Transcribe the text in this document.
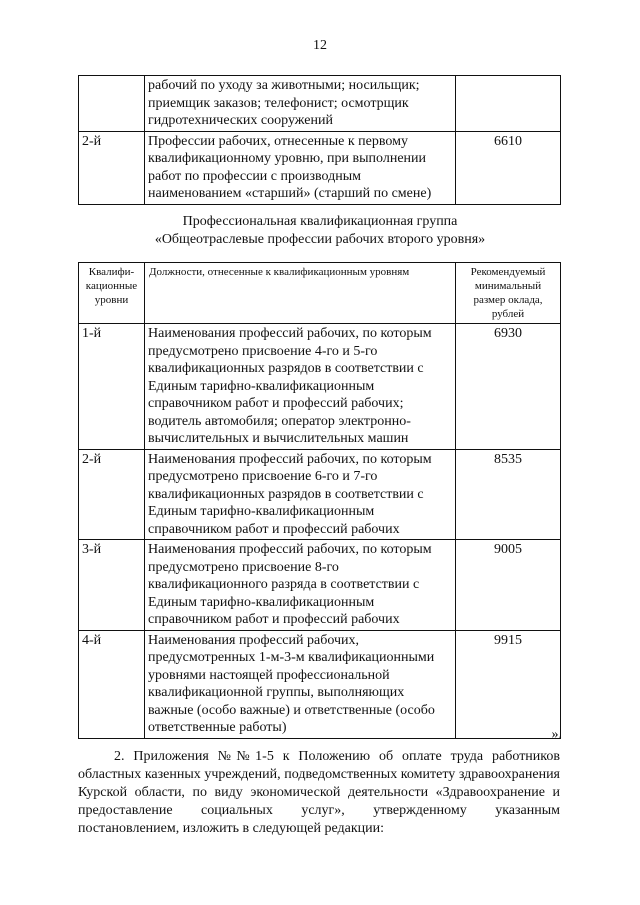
12
	рабочий по уходу за животными; носильщик; приемщик заказов; телефонист; осмотрщик гидротехнических сооружений	
2-й	Профессии рабочих, отнесенные к первому квалификационному уровню, при выполнении работ по профессии с производным наименованием «старший» (старший по смене)	6610
Профессиональная квалификационная группа
«Общеотраслевые профессии рабочих второго уровня»
Квалифи-кационные уровни	Должности, отнесенные к квалификационным уровням	Рекомендуемый минимальный размер оклада, рублей
1-й	Наименования профессий рабочих, по которым предусмотрено присвоение 4-го и 5-го квалификационных разрядов в соответствии с Единым тарифно-квалификационным справочником работ и профессий рабочих; водитель автомобиля; оператор электронно-вычислительных и вычислительных машин	6930
2-й	Наименования профессий рабочих, по которым предусмотрено присвоение 6-го и 7-го квалификационных разрядов в соответствии с Единым тарифно-квалификационным справочником работ и профессий рабочих	8535
3-й	Наименования профессий рабочих, по которым предусмотрено присвоение 8-го квалификационного разряда в соответствии с Единым тарифно-квалификационным справочником работ и профессий рабочих	9005
4-й	Наименования профессий рабочих, предусмотренных 1-м-3-м квалификационными уровнями настоящей профессиональной квалификационной группы, выполняющих важные (особо важные) и ответственные (особо ответственные работы)	9915
».

2. Приложения №№1-5 к Положению об оплате труда работников областных казенных учреждений, подведомственных комитету здравоохранения Курской области, по виду экономической деятельности «Здравоохранение и предоставление социальных услуг», утвержденному указанным постановлением, изложить в следующей редакции:
